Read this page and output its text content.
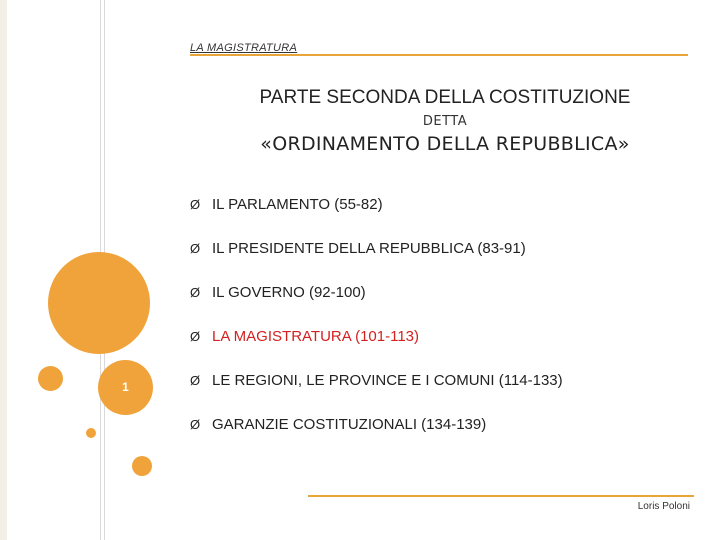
1
LA MAGISTRATURA
PARTE SECONDA DELLA COSTITUZIONE
DETTA
«ORDINAMENTO DELLA REPUBBLICA»
Ø IL PARLAMENTO (55-82)
Ø IL PRESIDENTE DELLA REPUBBLICA (83-91)
Ø IL GOVERNO (92-100)
Ø LA MAGISTRATURA (101-113)
Ø LE REGIONI, LE PROVINCE E I COMUNI (114-133)
Ø GARANZIE COSTITUZIONALI (134-139)
Loris Poloni
